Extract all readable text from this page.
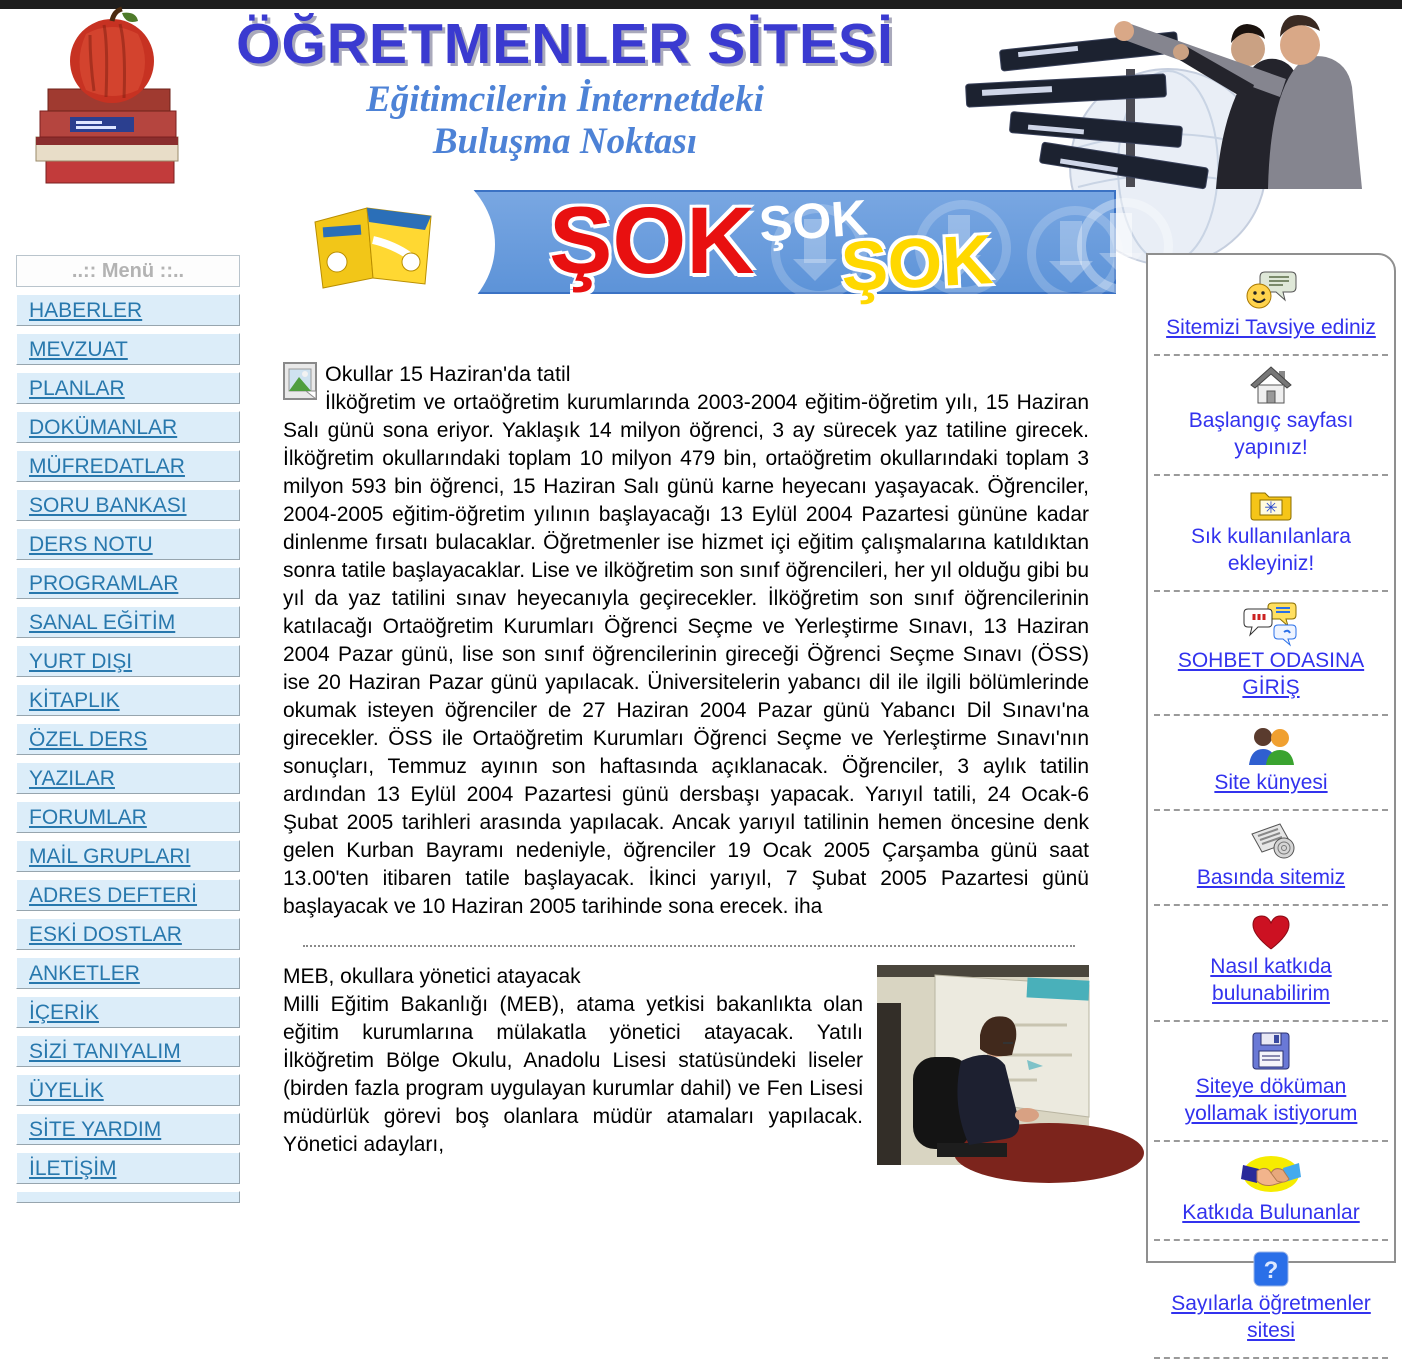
ÖĞRETMENLER SİTESİ
Eğitimcilerin İnternetdeki
Buluşma Noktası
ŞOK ŞOK
ŞOK
..:: Menü ::..
HABERLER
MEVZUAT
PLANLAR
DOKÜMANLAR
MÜFREDATLAR
SORU BANKASI
DERS NOTU
PROGRAMLAR
SANAL EĞİTİM
YURT DIŞI
KİTAPLIK
ÖZEL DERS
YAZILAR
FORUMLAR
MAİL GRUPLARI
ADRES DEFTERİ
ESKİ DOSTLAR
ANKETLER
İÇERİK
SİZİ TANIYALIM
ÜYELİK
SİTE YARDIM
İLETİŞİM
Okullar 15 Haziran'da tatil
İlköğretim ve ortaöğretim kurumlarında 2003-2004 eğitim-öğretim yılı, 15 Haziran Salı günü sona eriyor. Yaklaşık 14 milyon öğrenci, 3 ay sürecek yaz tatiline girecek. İlköğretim okullarındaki toplam 10 milyon 479 bin, ortaöğretim okullarındaki toplam 3 milyon 593 bin öğrenci, 15 Haziran Salı günü karne heyecanı yaşayacak. Öğrenciler, 2004-2005 eğitim-öğretim yılının başlayacağı 13 Eylül 2004 Pazartesi gününe kadar dinlenme fırsatı bulacaklar. Öğretmenler ise hizmet içi eğitim çalışmalarına katıldıktan sonra tatile başlayacaklar. Lise ve ilköğretim son sınıf öğrencileri, her yıl olduğu gibi bu yıl da yaz tatilini sınav heyecanıyla geçirecekler. İlköğretim son sınıf öğrencilerinin katılacağı Ortaöğretim Kurumları Öğrenci Seçme ve Yerleştirme Sınavı, 13 Haziran 2004 Pazar günü, lise son sınıf öğrencilerinin gireceği Öğrenci Seçme Sınavı (ÖSS) ise 20 Haziran Pazar günü yapılacak. Üniversitelerin yabancı dil ile ilgili bölümlerinde okumak isteyen öğrenciler de 27 Haziran 2004 Pazar günü Yabancı Dil Sınavı'na girecekler. ÖSS ile Ortaöğretim Kurumları Öğrenci Seçme ve Yerleştirme Sınavı'nın sonuçları, Temmuz ayının son haftasında açıklanacak. Öğrenciler, 3 aylık tatilin ardından 13 Eylül 2004 Pazartesi günü dersbaşı yapacak. Yarıyıl tatili, 24 Ocak-6 Şubat 2005 tarihleri arasında yapılacak. Ancak yarıyıl tatilinin hemen öncesine denk gelen Kurban Bayramı nedeniyle, öğrenciler 19 Ocak 2005 Çarşamba günü saat 13.00'ten itibaren tatile başlayacak. İkinci yarıyıl, 7 Şubat 2005 Pazartesi günü başlayacak ve 10 Haziran 2005 tarihinde sona erecek. iha
MEB, okullara yönetici atayacak
Milli Eğitim Bakanlığı (MEB), atama yetkisi bakanlıkta olan eğitim kurumlarına mülakatla yönetici atayacak. Yatılı İlköğretim Bölge Okulu, Anadolu Lisesi statüsündeki liseler (birden fazla program uygulayan kurumlar dahil) ve Fen Lisesi müdürlük görevi boş olanlara müdür atamaları yapılacak. Yönetici adayları,
Sitemizi Tavsiye ediniz
Başlangıç sayfası yapınız!
✳
Sık kullanılanlara ekleyiniz!
SOHBET ODASINA GİRİŞ
Site künyesi
Basında sitemiz
Nasıl katkıda bulunabilirim
Siteye döküman yollamak istiyorum
Katkıda Bulunanlar
?
Sayılarla öğretmenler sitesi
